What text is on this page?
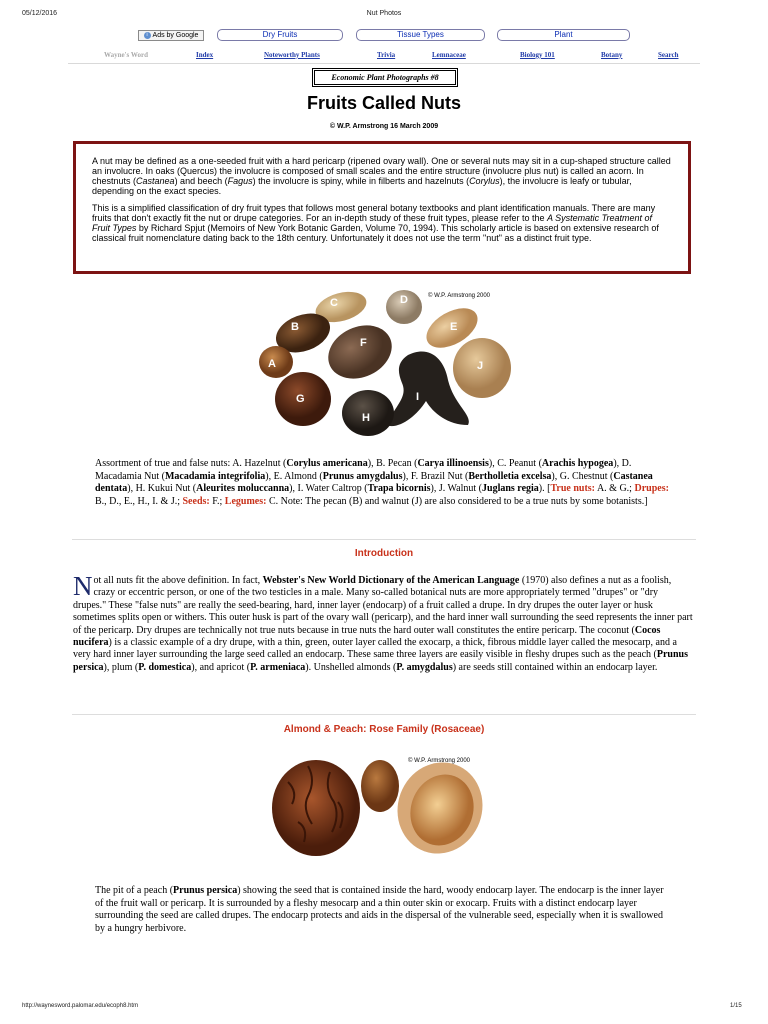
05/12/2016	Nut Photos
i Ads by Google	Dry Fruits	Tissue Types	Plant
Wayne's Word	Index	Noteworthy Plants	Trivia	Lemnaceae	Biology 101	Botany	Search
Economic Plant Photographs #8
Fruits Called Nuts
© W.P. Armstrong 16 March 2009

A nut may be defined as a one-seeded fruit with a hard pericarp (ripened ovary wall). One or several nuts may sit in a cup-shaped structure called an involucre. In oaks (Quercus) the involucre is composed of small scales and the entire structure (involucre plus nut) is called an acorn. In chestnuts (Castanea) and beech (Fagus) the involucre is spiny, while in filberts and hazelnuts (Corylus), the involucre is leafy or tubular, depending on the exact species.

This is a simplified classification of dry fruit types that follows most general botany textbooks and plant identification manuals. There are many fruits that don't exactly fit the nut or drupe categories. For an in-depth study of these fruit types, please refer to the A Systematic Treatment of Fruit Types by Richard Spjut (Memoirs of New York Botanic Garden, Volume 70, 1994). This scholarly article is based on extensive research of classical fruit nomenclature dating back to the 18th century. Unfortunately it does not use the term "nut" as a distinct fruit type.

© W.P. Armstrong 2000
C	D
B	E
F
A	J
I
G
H
Assortment of true and false nuts: A. Hazelnut (Corylus americana), B. Pecan (Carya illinoensis), C. Peanut (Arachis hypogea), D. Macadamia Nut (Macadamia integrifolia), E. Almond (Prunus amygdalus), F. Brazil Nut (Bertholletia excelsa), G. Chestnut (Castanea dentata), H. Kukui Nut (Aleurites moluccanna), I. Water Caltrop (Trapa bicornis), J. Walnut (Juglans regia). [True nuts: A. & G.; Drupes: B., D., E., H., I. & J.; Seeds: F.; Legumes: C. Note: The pecan (B) and walnut (J) are also considered to be a true nuts by some botanists.]
Introduction
N ot all nuts fit the above definition. In fact, Webster's New World Dictionary of the American Language (1970) also defines a nut as a foolish, crazy or eccentric person, or one of the two testicles in a male. Many so-called botanical nuts are more appropriately termed "drupes" or "dry drupes." These "false nuts" are really the seed-bearing, hard, inner layer (endocarp) of a fruit called a drupe. In dry drupes the outer layer or husk sometimes splits open or withers. This outer husk is part of the ovary wall (pericarp), and the hard inner wall surrounding the seed represents the inner part of the pericarp. Dry drupes are technically not true nuts because in true nuts the hard outer wall constitutes the entire pericarp. The coconut (Cocos nucifera) is a classic example of a dry drupe, with a thin, green, outer layer called the exocarp, a thick, fibrous middle layer called the mesocarp, and a very hard inner layer surrounding the large seed called an endocarp. These same three layers are easily visible in fleshy drupes such as the peach (Prunus persica), plum (P. domestica), and apricot (P. armeniaca). Unshelled almonds (P. amygdalus) are seeds still contained within an endocarp layer.
Almond & Peach: Rose Family (Rosaceae)
© W.P. Armstrong 2000
The pit of a peach (Prunus persica) showing the seed that is contained inside the hard, woody endocarp layer. The endocarp is the inner layer of the fruit wall or pericarp. It is surrounded by a fleshy mesocarp and a thin outer skin or exocarp. Fruits with a distinct endocarp layer surrounding the seed are called drupes. The endocarp protects and aids in the dispersal of the vulnerable seed, especially when it is swallowed by a hungry herbivore.
http://waynesword.palomar.edu/ecoph8.htm	1/15
